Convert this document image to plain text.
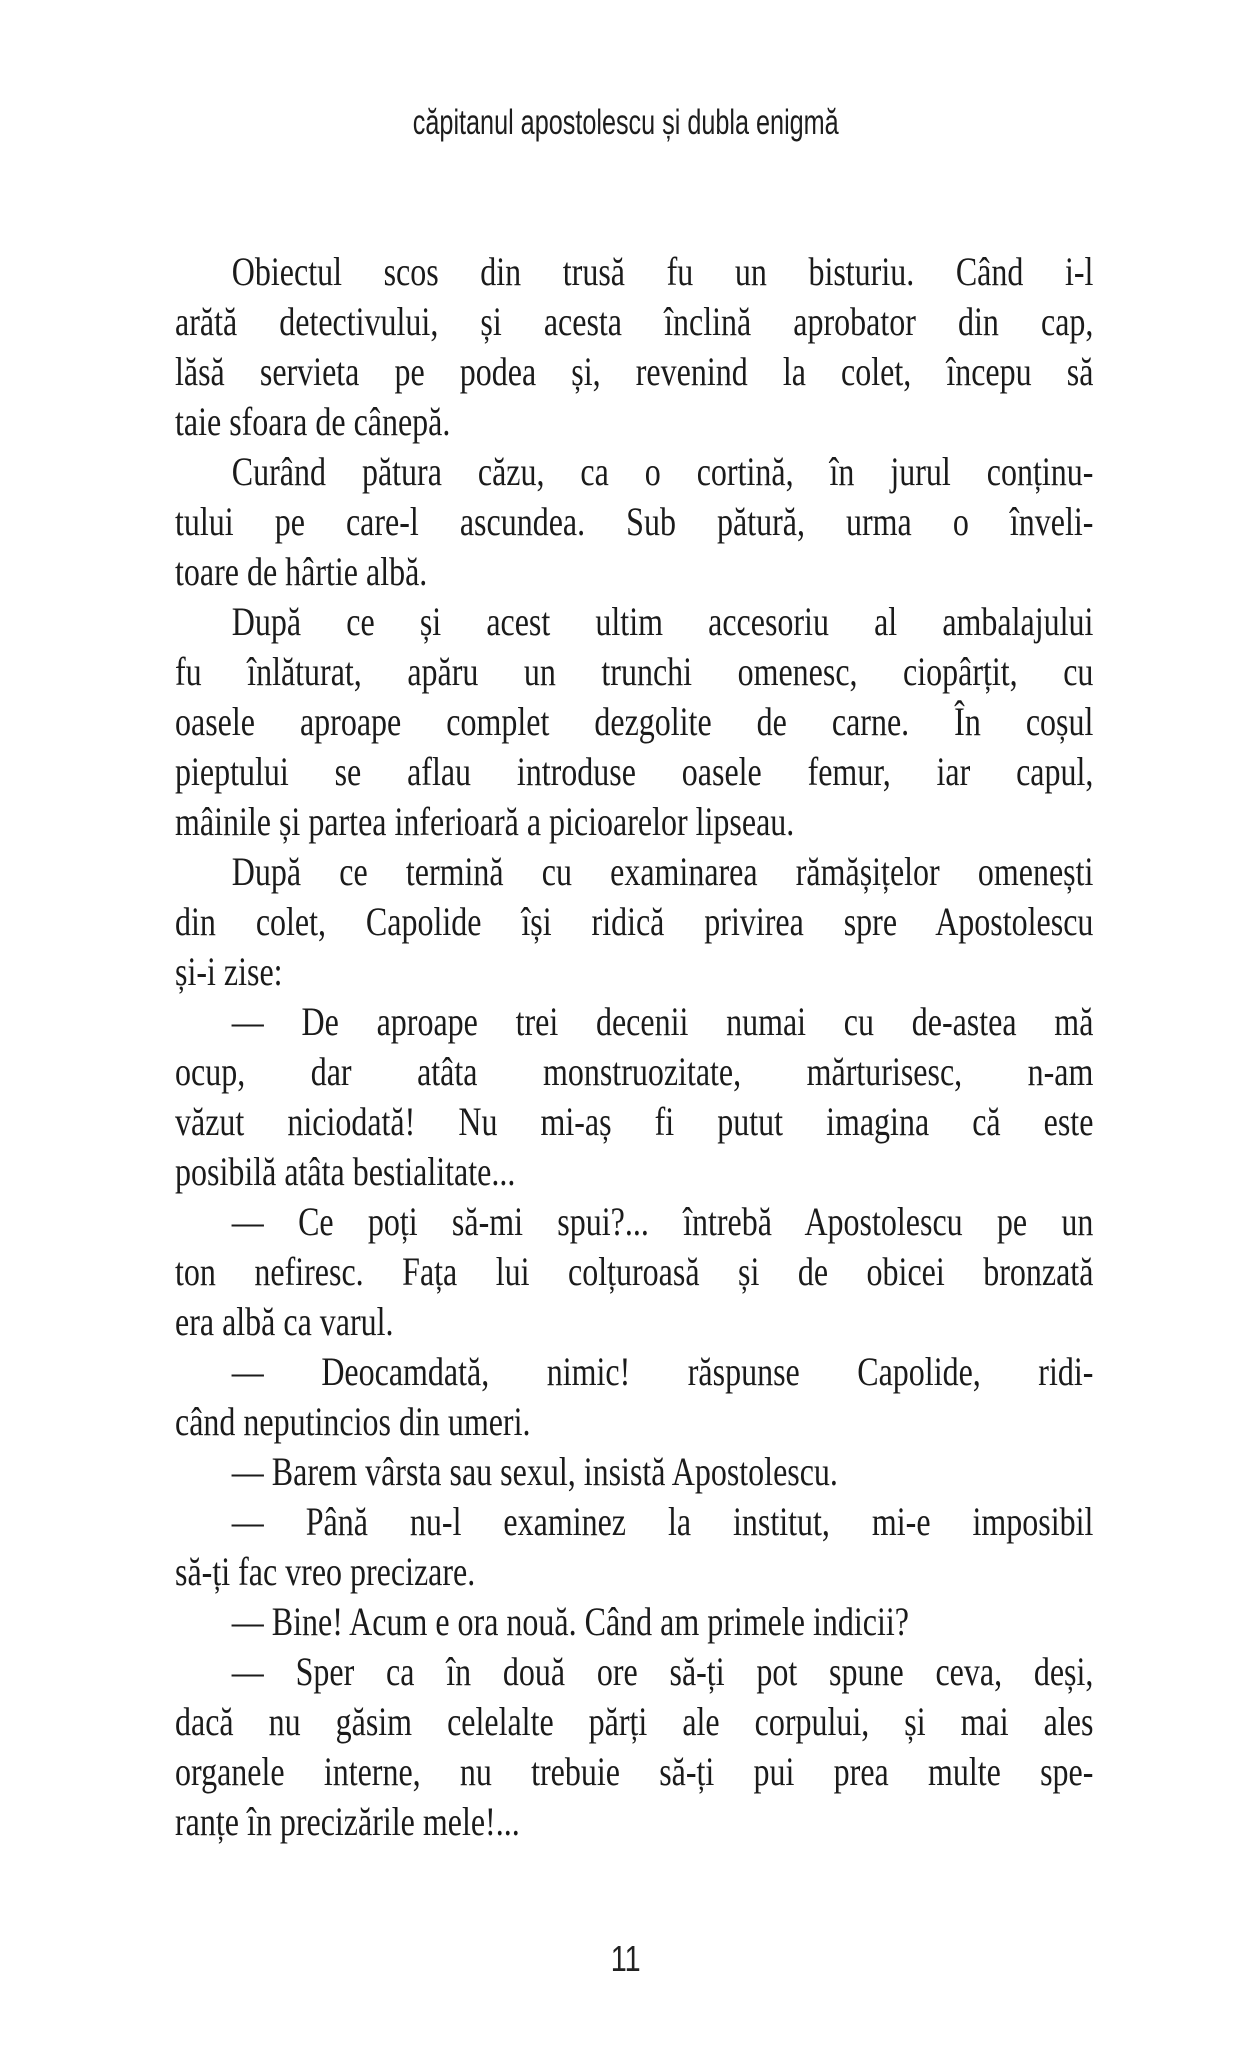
căpitanul apostolescu și dubla enigmă

Obiectul scos din trusă fu un bisturiu. Când i-l
arătă detectivului, și acesta înclină aprobator din cap,
lăsă servieta pe podea și, revenind la colet, începu să
taie sfoara de cânepă.

Curând pătura căzu, ca o cortină, în jurul conținu-
tului pe care-l ascundea. Sub pătură, urma o înveli-
toare de hârtie albă.

După ce și acest ultim accesoriu al ambalajului
fu înlăturat, apăru un trunchi omenesc, ciopârțit, cu
oasele aproape complet dezgolite de carne. În coșul
pieptului se aflau introduse oasele femur, iar capul,
mâinile și partea inferioară a picioarelor lipseau.

După ce termină cu examinarea rămășițelor omenești
din colet, Capolide își ridică privirea spre Apostolescu
și-i zise:

— De aproape trei decenii numai cu de-astea mă
ocup, dar atâta monstruozitate, mărturisesc, n-am
văzut niciodată! Nu mi-aș fi putut imagina că este
posibilă atâta bestialitate...

— Ce poți să-mi spui?... întrebă Apostolescu pe un
ton nefiresc. Fața lui colțuroasă și de obicei bronzată
era albă ca varul.

— Deocamdată, nimic! răspunse Capolide, ridi-
când neputincios din umeri.

— Barem vârsta sau sexul, insistă Apostolescu.

— Până nu-l examinez la institut, mi-e imposibil
să-ți fac vreo precizare.

— Bine! Acum e ora nouă. Când am primele indicii?

— Sper ca în două ore să-ți pot spune ceva, deși,
dacă nu găsim celelalte părți ale corpului, și mai ales
organele interne, nu trebuie să-ți pui prea multe spe-
ranțe în precizările mele!...

11
